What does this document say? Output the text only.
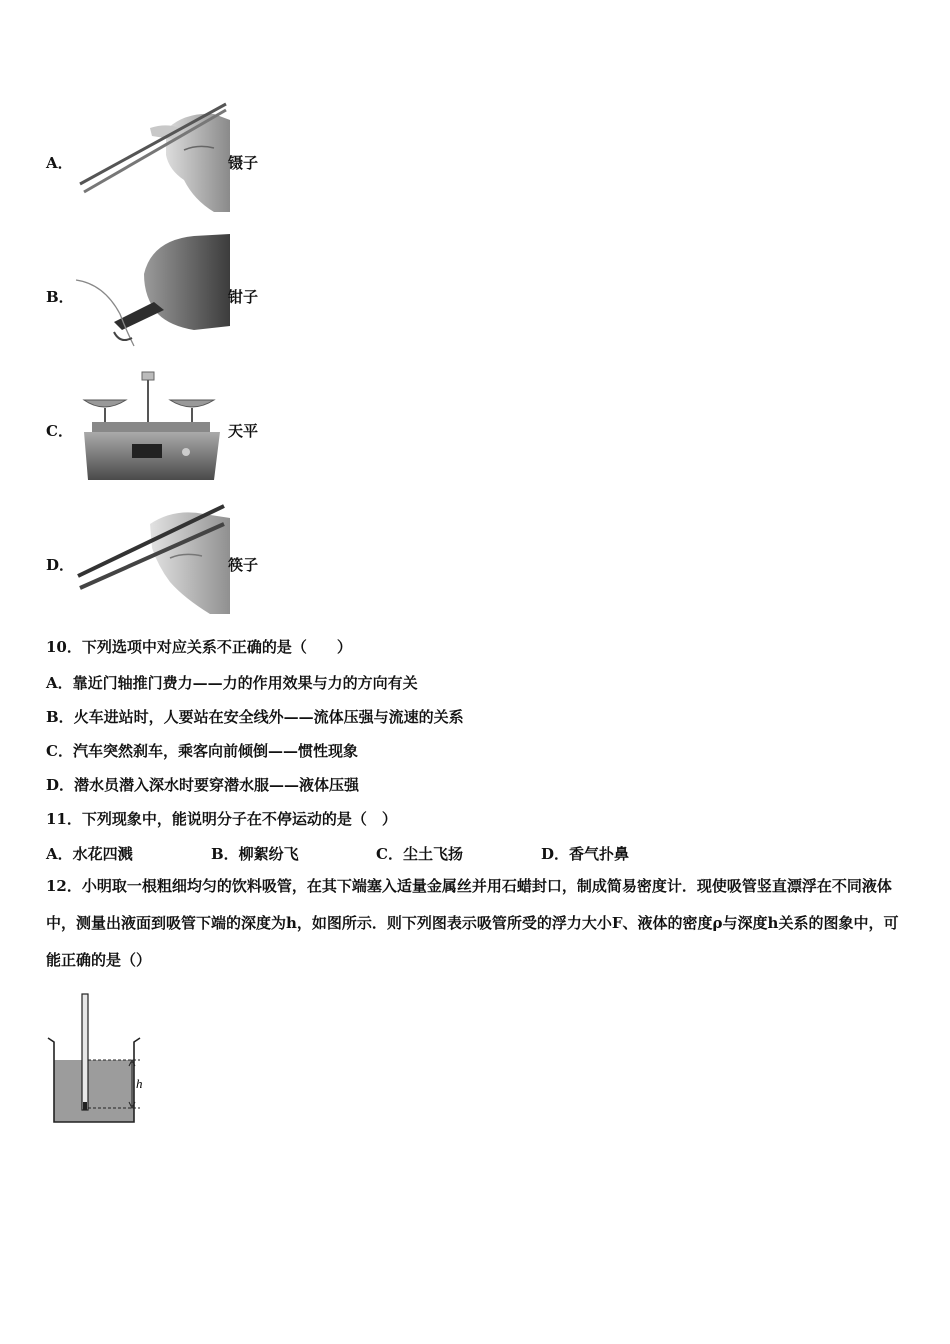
A．	镊子
B．	钳子
C．	天平
D．	筷子
10．下列选项中对应关系不正确的是（　　）
A．靠近门轴推门费力——力的作用效果与力的方向有关
B．火车进站时，人要站在安全线外——流体压强与流速的关系
C．汽车突然刹车，乘客向前倾倒——惯性现象
D．潜水员潜入深水时要穿潜水服——液体压强
11．下列现象中，能说明分子在不停运动的是（　）
A．水花四溅	B．柳絮纷飞	C．尘土飞扬	D．香气扑鼻
12．小明取一根粗细均匀的饮料吸管，在其下端塞入适量金属丝并用石蜡封口，制成简易密度计．现使吸管竖直漂浮在不同液体中，测量出液面到吸管下端的深度为h，如图所示．则下列图表示吸管所受的浮力大小F、液体的密度ρ与深度h关系的图象中，可能正确的是（）
h
